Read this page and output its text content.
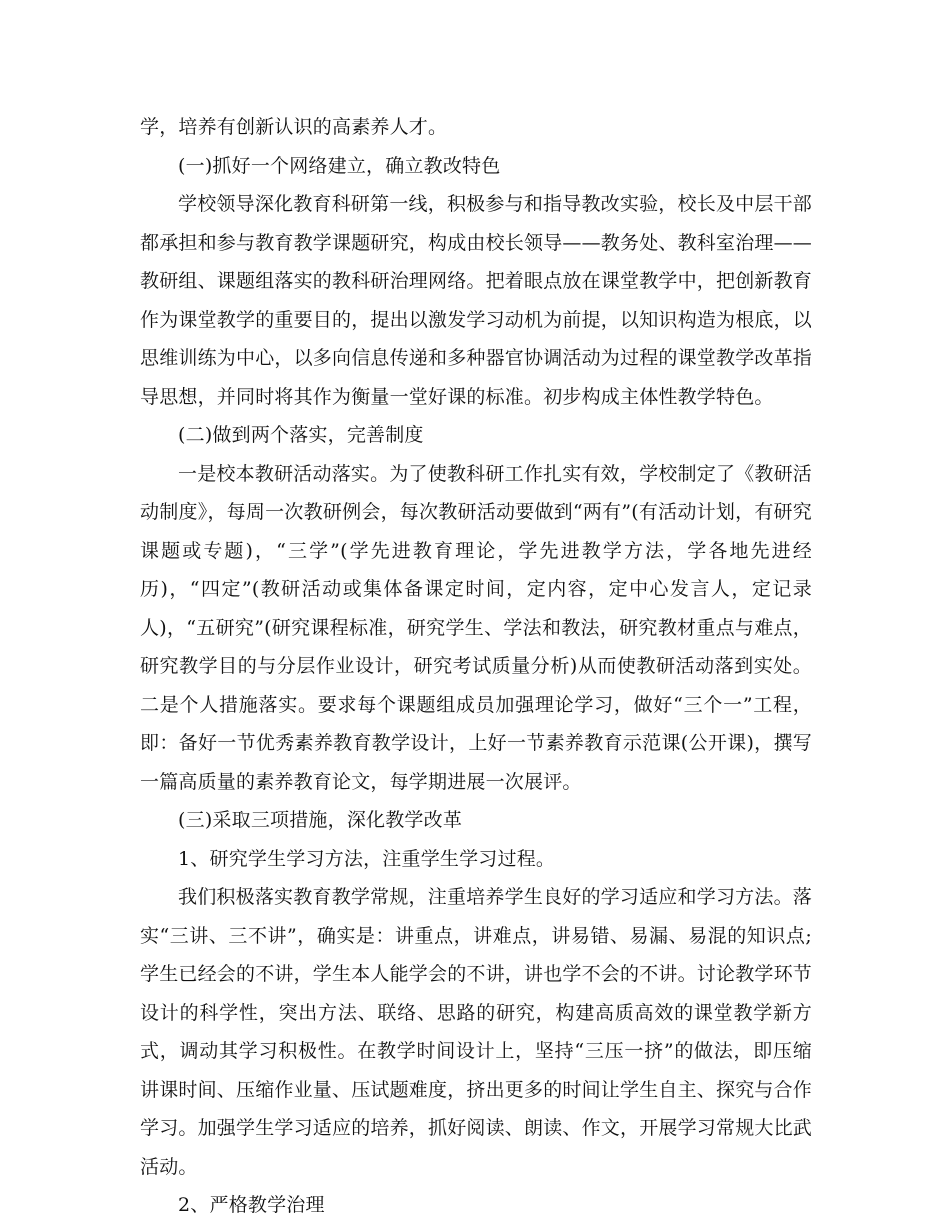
学，培养有创新认识的高素养人才。

(一)抓好一个网络建立，确立教改特色

学校领导深化教育科研第一线，积极参与和指导教改实验，校长及中层干部都承担和参与教育教学课题研究，构成由校长领导——教务处、教科室治理——教研组、课题组落实的教科研治理网络。把着眼点放在课堂教学中，把创新教育作为课堂教学的重要目的，提出以激发学习动机为前提，以知识构造为根底，以思维训练为中心，以多向信息传递和多种器官协调活动为过程的课堂教学改革指导思想，并同时将其作为衡量一堂好课的标准。初步构成主体性教学特色。

(二)做到两个落实，完善制度

一是校本教研活动落实。为了使教科研工作扎实有效，学校制定了《教研活动制度》，每周一次教研例会，每次教研活动要做到“两有”(有活动计划，有研究课题或专题)，“三学”(学先进教育理论，学先进教学方法，学各地先进经历)，“四定”(教研活动或集体备课定时间，定内容，定中心发言人，定记录人)，“五研究”(研究课程标准，研究学生、学法和教法，研究教材重点与难点，研究教学目的与分层作业设计，研究考试质量分析)从而使教研活动落到实处。二是个人措施落实。要求每个课题组成员加强理论学习，做好“三个一”工程，即：备好一节优秀素养教育教学设计，上好一节素养教育示范课(公开课)，撰写一篇高质量的素养教育论文，每学期进展一次展评。

(三)采取三项措施，深化教学改革

1、研究学生学习方法，注重学生学习过程。

我们积极落实教育教学常规，注重培养学生良好的学习适应和学习方法。落实“三讲、三不讲”，确实是：讲重点，讲难点，讲易错、易漏、易混的知识点;学生已经会的不讲，学生本人能学会的不讲，讲也学不会的不讲。讨论教学环节设计的科学性，突出方法、联络、思路的研究，构建高质高效的课堂教学新方式，调动其学习积极性。在教学时间设计上，坚持“三压一挤”的做法，即压缩讲课时间、压缩作业量、压试题难度，挤出更多的时间让学生自主、探究与合作学习。加强学生学习适应的培养，抓好阅读、朗读、作文，开展学习常规大比武活动。

2、严格教学治理
